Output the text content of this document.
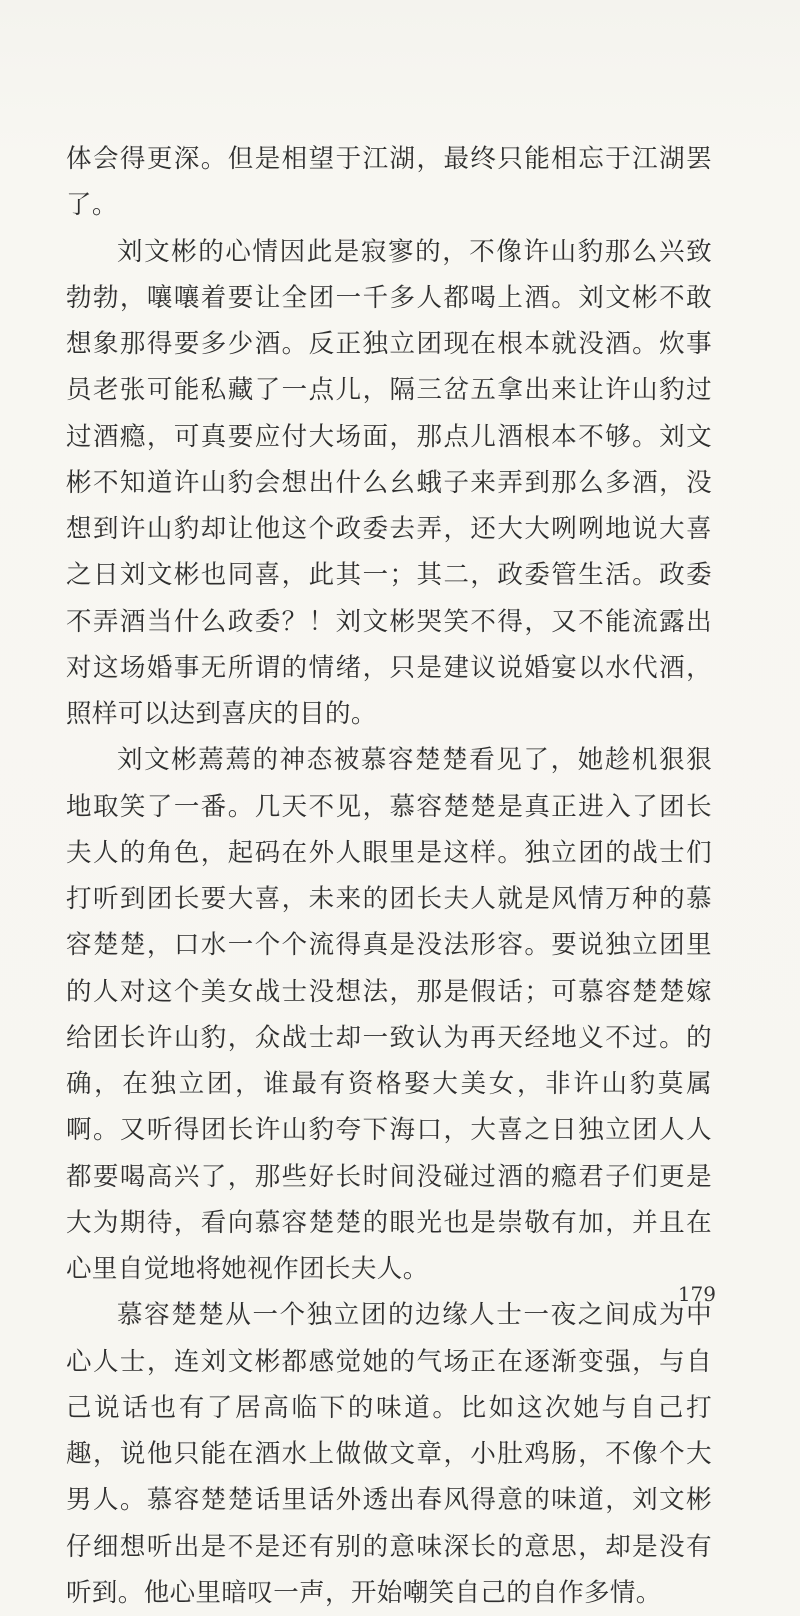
体会得更深。但是相望于江湖，最终只能相忘于江湖罢了。

刘文彬的心情因此是寂寥的，不像许山豹那么兴致勃勃，嚷嚷着要让全团一千多人都喝上酒。刘文彬不敢想象那得要多少酒。反正独立团现在根本就没酒。炊事员老张可能私藏了一点儿，隔三岔五拿出来让许山豹过过酒瘾，可真要应付大场面，那点儿酒根本不够。刘文彬不知道许山豹会想出什么幺蛾子来弄到那么多酒，没想到许山豹却让他这个政委去弄，还大大咧咧地说大喜之日刘文彬也同喜，此其一；其二，政委管生活。政委不弄酒当什么政委？！刘文彬哭笑不得，又不能流露出对这场婚事无所谓的情绪，只是建议说婚宴以水代酒，照样可以达到喜庆的目的。

刘文彬蔫蔫的神态被慕容楚楚看见了，她趁机狠狠地取笑了一番。几天不见，慕容楚楚是真正进入了团长夫人的角色，起码在外人眼里是这样。独立团的战士们打听到团长要大喜，未来的团长夫人就是风情万种的慕容楚楚，口水一个个流得真是没法形容。要说独立团里的人对这个美女战士没想法，那是假话；可慕容楚楚嫁给团长许山豹，众战士却一致认为再天经地义不过。的确，在独立团，谁最有资格娶大美女，非许山豹莫属啊。又听得团长许山豹夸下海口，大喜之日独立团人人都要喝高兴了，那些好长时间没碰过酒的瘾君子们更是大为期待，看向慕容楚楚的眼光也是崇敬有加，并且在心里自觉地将她视作团长夫人。

慕容楚楚从一个独立团的边缘人士一夜之间成为中心人士，连刘文彬都感觉她的气场正在逐渐变强，与自己说话也有了居高临下的味道。比如这次她与自己打趣，说他只能在酒水上做做文章，小肚鸡肠，不像个大男人。慕容楚楚话里话外透出春风得意的味道，刘文彬仔细想听出是不是还有别的意味深长的意思，却是没有听到。他心里暗叹一声，开始嘲笑自己的自作多情。

179
